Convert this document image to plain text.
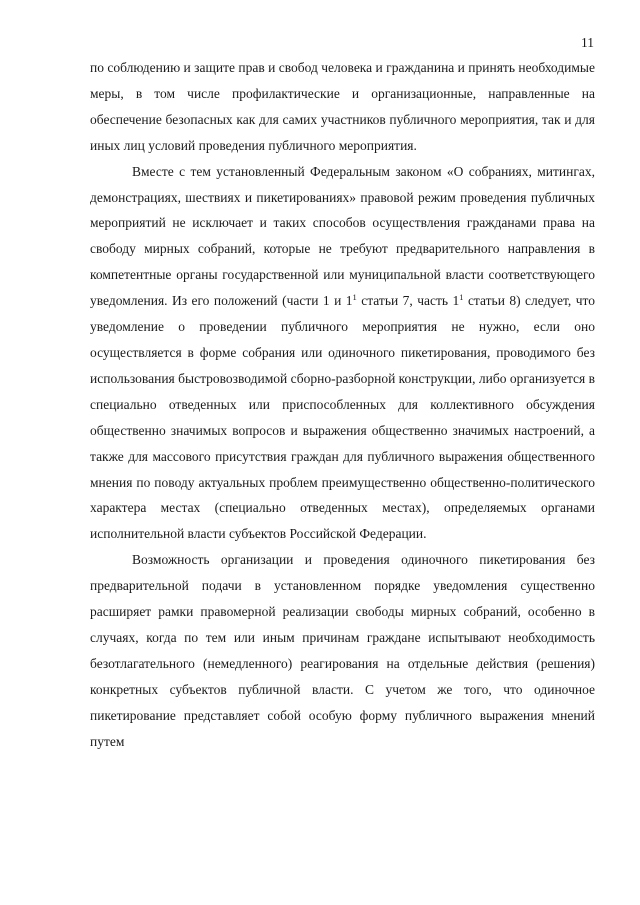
11

по соблюдению и защите прав и свобод человека и гражданина и принять необходимые меры, в том числе профилактические и организационные, направленные на обеспечение безопасных как для самих участников публичного мероприятия, так и для иных лиц условий проведения публичного мероприятия.

Вместе с тем установленный Федеральным законом «О собраниях, митингах, демонстрациях, шествиях и пикетированиях» правовой режим проведения публичных мероприятий не исключает и таких способов осуществления гражданами права на свободу мирных собраний, которые не требуют предварительного направления в компетентные органы государственной или муниципальной власти соответствующего уведомления. Из его положений (части 1 и $1^1$ статьи 7, часть $1^1$ статьи 8) следует, что уведомление о проведении публичного мероприятия не нужно, если оно осуществляется в форме собрания или одиночного пикетирования, проводимого без использования быстровозводимой сборно-разборной конструкции, либо организуется в специально отведенных или приспособленных для коллективного обсуждения общественно значимых вопросов и выражения общественно значимых настроений, а также для массового присутствия граждан для публичного выражения общественного мнения по поводу актуальных проблем преимущественно общественно-политического характера местах (специально отведенных местах), определяемых органами исполнительной власти субъектов Российской Федерации.

Возможность организации и проведения одиночного пикетирования без предварительной подачи в установленном порядке уведомления существенно расширяет рамки правомерной реализации свободы мирных собраний, особенно в случаях, когда по тем или иным причинам граждане испытывают необходимость безотлагательного (немедленного) реагирования на отдельные действия (решения) конкретных субъектов публичной власти. С учетом же того, что одиночное пикетирование представляет собой особую форму публичного выражения мнений путем
